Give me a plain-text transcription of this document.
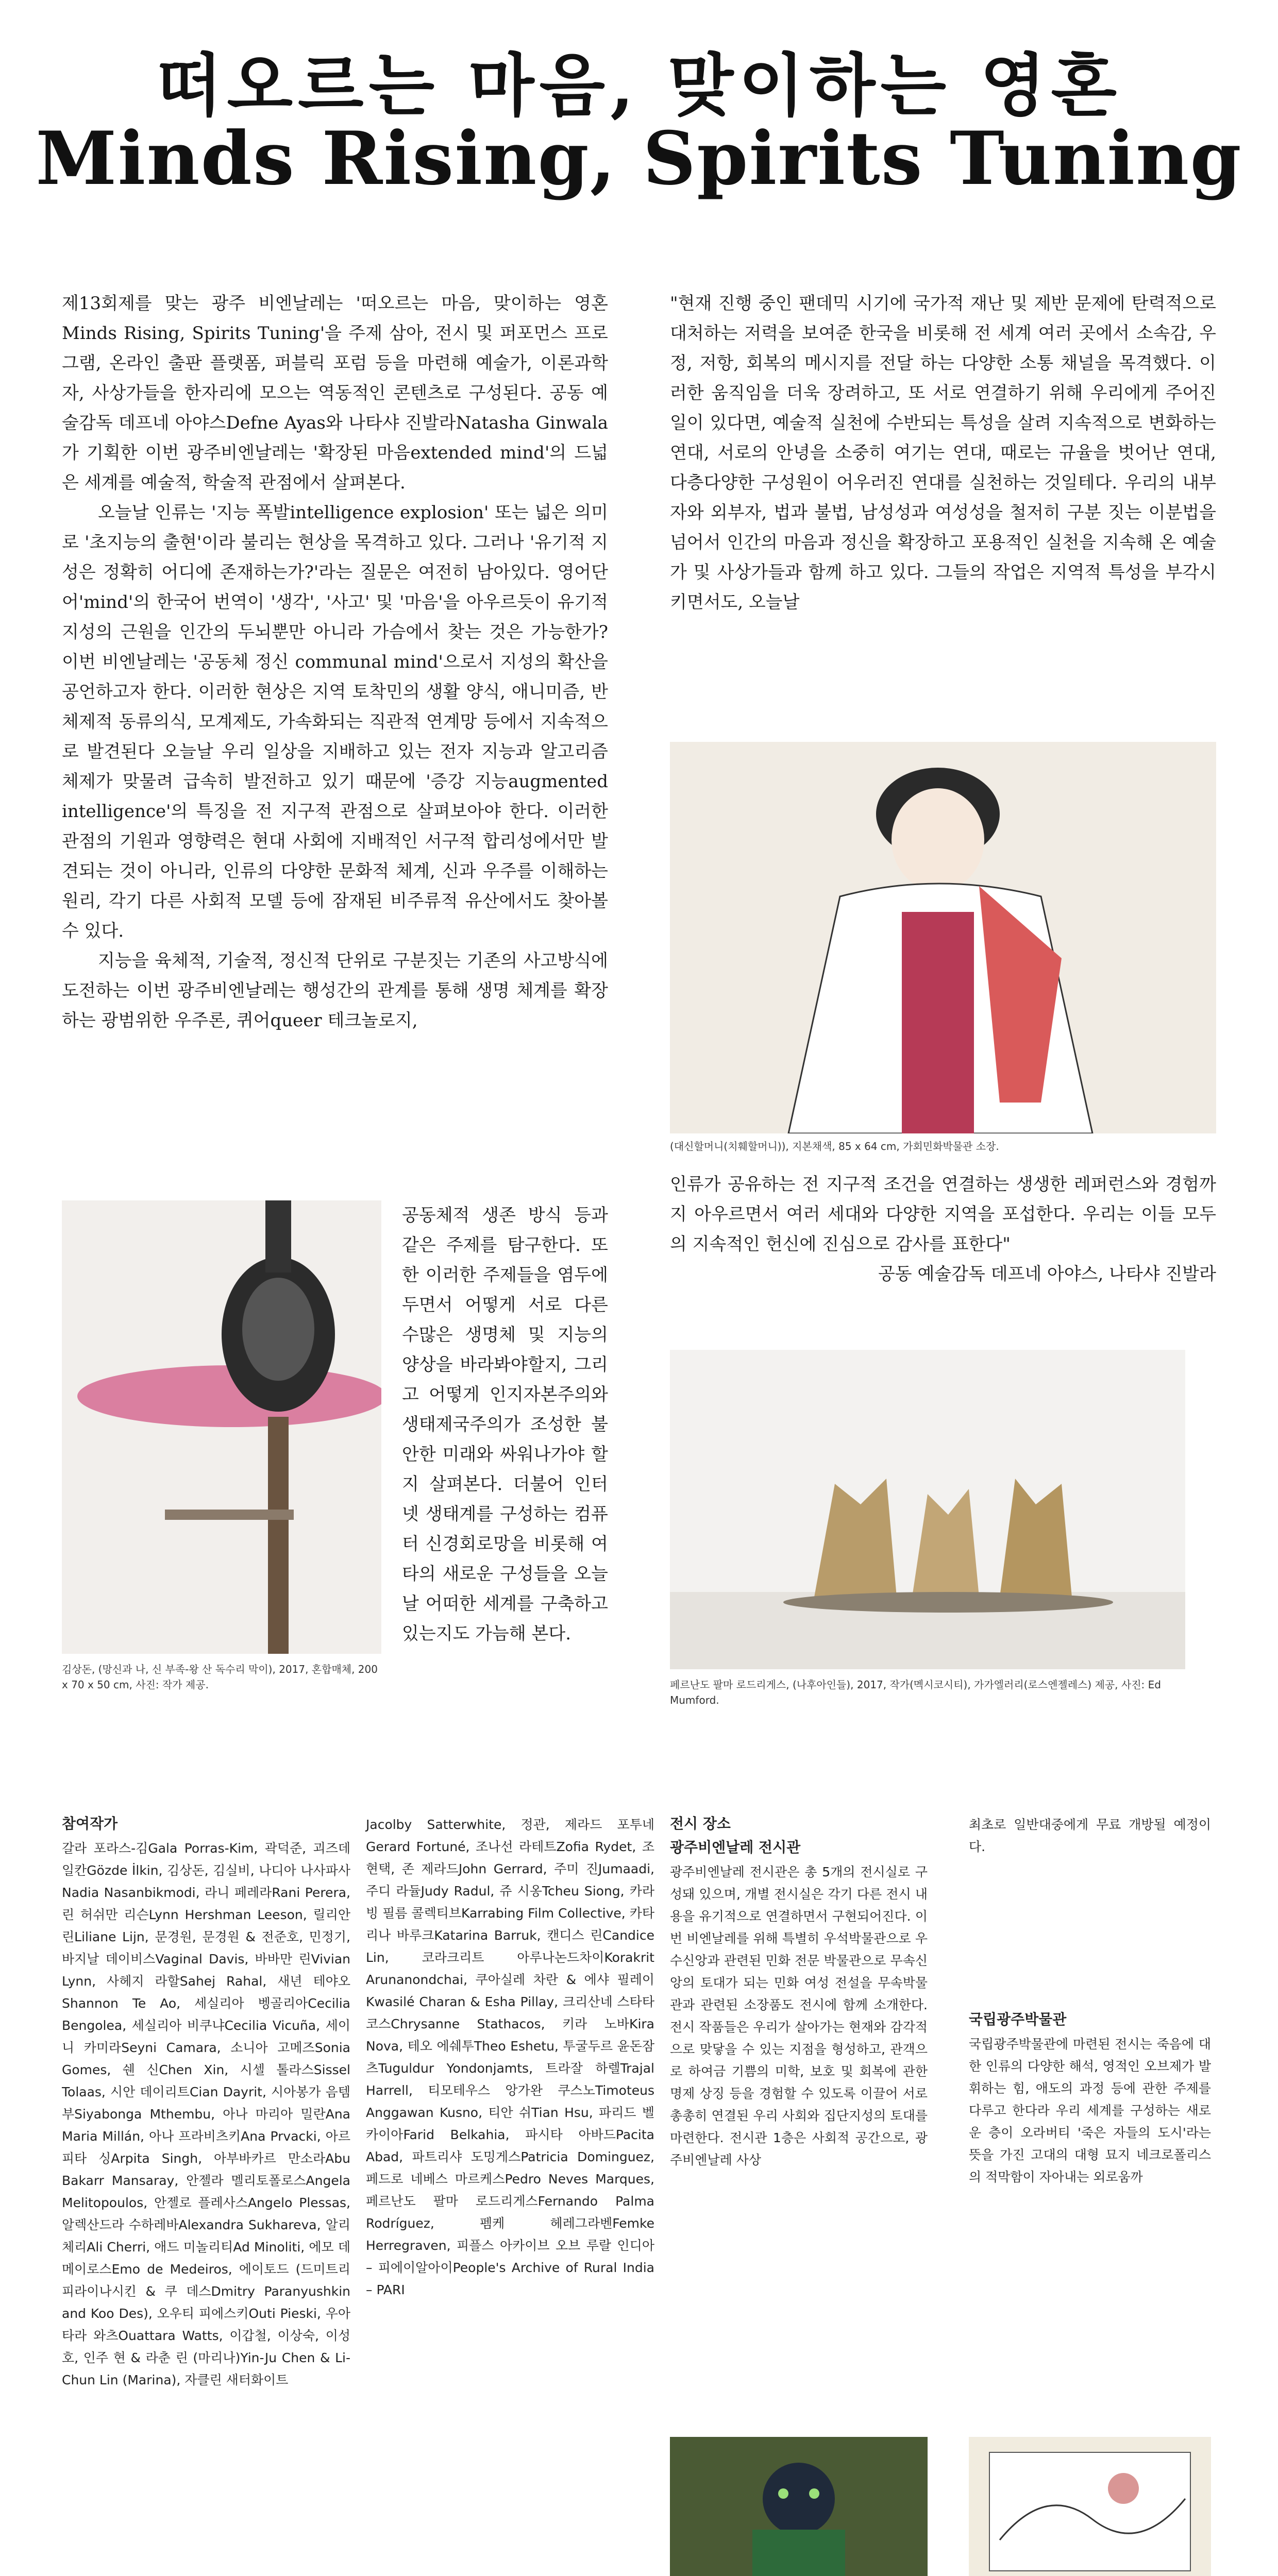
떠오르는 마음, 맞이하는 영혼
Minds Rising, Spirits Tuning

제13회제를 맞는 광주 비엔날레는 '떠오르는 마음, 맞이하는 영혼 Minds Rising, Spirits Tuning'을 주제 삼아, 전시 및 퍼포먼스 프로그램, 온라인 출판 플랫폼, 퍼블릭 포럼 등을 마련해 예술가, 이론과학자, 사상가들을 한자리에 모으는 역동적인 콘텐츠로 구성된다. 공동 예술감독 데프네 아야스Defne Ayas와 나타샤 진발라Natasha Ginwala가 기획한 이번 광주비엔날레는 '확장된 마음extended mind'의 드넓은 세계를 예술적, 학술적 관점에서 살펴본다.

오늘날 인류는 '지능 폭발intelligence explosion' 또는 넓은 의미로 '초지능의 출현'이라 불리는 현상을 목격하고 있다. 그러나 '유기적 지성은 정확히 어디에 존재하는가?'라는 질문은 여전히 남아있다. 영어단어'mind'의 한국어 번역이 '생각', '사고' 및 '마음'을 아우르듯이 유기적 지성의 근원을 인간의 두뇌뿐만 아니라 가슴에서 찾는 것은 가능한가? 이번 비엔날레는 '공동체 정신 communal mind'으로서 지성의 확산을 공언하고자 한다. 이러한 현상은 지역 토착민의 생활 양식, 애니미즘, 반체제적 동류의식, 모계제도, 가속화되는 직관적 연계망 등에서 지속적으로 발견된다 오늘날 우리 일상을 지배하고 있는 전자 지능과 알고리즘 체제가 맞물려 급속히 발전하고 있기 때문에 '증강 지능augmented intelligence'의 특징을 전 지구적 관점으로 살펴보아야 한다. 이러한 관점의 기원과 영향력은 현대 사회에 지배적인 서구적 합리성에서만 발견되는 것이 아니라, 인류의 다양한 문화적 체계, 신과 우주를 이해하는 원리, 각기 다른 사회적 모델 등에 잠재된 비주류적 유산에서도 찾아볼 수 있다.

지능을 육체적, 기술적, 정신적 단위로 구분짓는 기존의 사고방식에 도전하는 이번 광주비엔날레는 행성간의 관계를 통해 생명 체계를 확장하는 광범위한 우주론, 퀴어queer 테크놀로지,

김상돈, (망신과 나, 신 부족-왕 산 독수리 막이), 2017, 혼합매체, 200 x 70 x 50 cm, 사진: 작가 제공.

공동체적 생존 방식 등과 같은 주제를 탐구한다. 또한 이러한 주제들을 염두에 두면서 어떻게 서로 다른 수많은 생명체 및 지능의 양상을 바라봐야할지, 그리고 어떻게 인지자본주의와 생태제국주의가 조성한 불안한 미래와 싸워나가야 할지 살펴본다. 더불어 인터넷 생태계를 구성하는 컴퓨터 신경회로망을 비롯해 여타의 새로운 구성들을 오늘날 어떠한 세계를 구축하고 있는지도 가늠해 본다.

"현재 진행 중인 팬데믹 시기에 국가적 재난 및 제반 문제에 탄력적으로 대처하는 저력을 보여준 한국을 비롯해 전 세계 여러 곳에서 소속감, 우정, 저항, 회복의 메시지를 전달 하는 다양한 소통 채널을 목격했다. 이러한 움직임을 더욱 장려하고, 또 서로 연결하기 위해 우리에게 주어진 일이 있다면, 예술적 실천에 수반되는 특성을 살려 지속적으로 변화하는 연대, 서로의 안녕을 소중히 여기는 연대, 때로는 규율을 벗어난 연대, 다층다양한 구성원이 어우러진 연대를 실천하는 것일테다. 우리의 내부자와 외부자, 법과 불법, 남성성과 여성성을 철저히 구분 짓는 이분법을 넘어서 인간의 마음과 정신을 확장하고 포용적인 실천을 지속해 온 예술가 및 사상가들과 함께 하고 있다. 그들의 작업은 지역적 특성을 부각시키면서도, 오늘날

(대신할머니(치훼할머니)), 지본채색, 85 x 64 cm, 가회민화박물관 소장.

인류가 공유하는 전 지구적 조건을 연결하는 생생한 레퍼런스와 경험까지 아우르면서 여러 세대와 다양한 지역을 포섭한다. 우리는 이들 모두의 지속적인 헌신에 진심으로 감사를 표한다"

공동 예술감독 데프네 아야스, 나타샤 진발라

페르난도 팔마 로드리게스, (나후아인들), 2017, 작가(멕시코시티), 가가엘러리(로스엔젤레스) 제공, 사진: Ed Mumford.
참여작가

갈라 포라스-김Gala Porras-Kim, 곽덕준, 괴즈데 일칸Gözde İlkin, 김상돈, 김실비, 나디아 나사파사Nadia Nasanbikmodi, 라니 페레라Rani Perera, 린 허쉬만 리슨Lynn Hershman Leeson, 릴리안 린Liliane Lijn, 문경원, 문경원 & 전준호, 민정기, 바지날 데이비스Vaginal Davis, 바바만 린Vivian Lynn, 사헤지 라할Sahej Rahal, 새년 테야오Shannon Te Ao, 세실리아 벵골리아Cecilia Bengolea, 세실리아 비쿠냐Cecilia Vicuña, 세이니 카미라Seyni Camara, 소니아 고메즈Sonia Gomes, 쉔 신Chen Xin, 시셀 톨라스Sissel Tolaas, 시안 데이리트Cian Dayrit, 시아봉가 음템부Siyabonga Mthembu, 아나 마리아 밀란Ana Maria Millán, 아나 프라비츠키Ana Prvacki, 아르피타 싱Arpita Singh, 아부바카르 만소라Abu Bakarr Mansaray, 안젤라 멜리토폴로스Angela Melitopoulos, 안젤로 플레사스Angelo Plessas, 알렉산드라 수하레바Alexandra Sukhareva, 알리 체리Ali Cherri, 애드 미놀리티Ad Minoliti, 에모 데메이로스Emo de Medeiros, 에이토드 (드미트리 피라이나시킨 & 쿠 데스Dmitry Paranyushkin and Koo Des), 오우티 피에스키Outi Pieski, 우아타라 와츠Ouattara Watts, 이갑철, 이상숙, 이성호, 인주 현 & 라춘 린 (마리나)Yin-Ju Chen & Li-Chun Lin (Marina), 자클린 새터화이트

Jacolby Satterwhite, 정관, 제라드 포투네Gerard Fortuné, 조나선 라테트Zofia Rydet, 조현택, 존 제라드John Gerrard, 주미 진Jumaadi, 주디 라듈Judy Radul, 쥬 시옹Tcheu Siong, 카라빙 필름 콜렉티브Karrabing Film Collective, 카타리나 바루크Katarina Barruk, 캔디스 린Candice Lin, 코라크리트 아루나논드차이Korakrit Arunanondchai, 쿠아실레 차란 & 에샤 필레이Kwasilé Charan & Esha Pillay, 크리산네 스타타코스Chrysanne Stathacos, 키라 노바Kira Nova, 테오 에쉐투Theo Eshetu, 투굴두르 윤돈잠츠Tuguldur Yondonjamts, 트라잘 하렐Trajal Harrell, 티모테우스 앙가완 쿠스노Timoteus Anggawan Kusno, 티안 쉬Tian Hsu, 파리드 벨카이아Farid Belkahia, 파시타 아바드Pacita Abad, 파트리샤 도밍게스Patricia Dominguez, 페드로 네베스 마르케스Pedro Neves Marques, 페르난도 팔마 로드리게스Fernando Palma Rodríguez, 펨케 헤레그라벤Femke Herregraven, 피플스 아카이브 오브 루랄 인디아 – 피에이알아이People's Archive of Rural India – PARI

전시 장소
광주비엔날레 전시관

광주비엔날레 전시관은 총 5개의 전시실로 구성돼 있으며, 개별 전시실은 각기 다른 전시 내용을 유기적으로 연결하면서 구현되어진다. 이번 비엔날레를 위해 특별히 우석박물관으로 우수신앙과 관련된 민화 전문 박물관으로 무속신앙의 토대가 되는 민화 여성 전설을 무속박물관과 관련된 소장품도 전시에 함께 소개한다. 전시 작품들은 우리가 살아가는 현재와 감각적으로 맞닿을 수 있는 지점을 형성하고, 관객으로 하여금 기쁨의 미학, 보호 및 회복에 관한 명제 상징 등을 경험할 수 있도록 이끌어 서로 총총히 연결된 우리 사회와 집단지성의 토대를 마련한다. 전시관 1층은 사회적 공간으로, 광주비엔날레 사상

최초로 일반대중에게 무료 개방될 예정이다.

국립광주박물관

국립광주박물관에 마련된 전시는 죽음에 대한 인류의 다양한 해석, 영적인 오브제가 발휘하는 힘, 애도의 과정 등에 관한 주제를 다루고 한다라 우리 세계를 구성하는 새로운 층이 오라버티 '죽은 자들의 도시'라는 뜻을 가진 고대의 대형 묘지 네크로폴리스의 적막함이 자아내는 외로움까
